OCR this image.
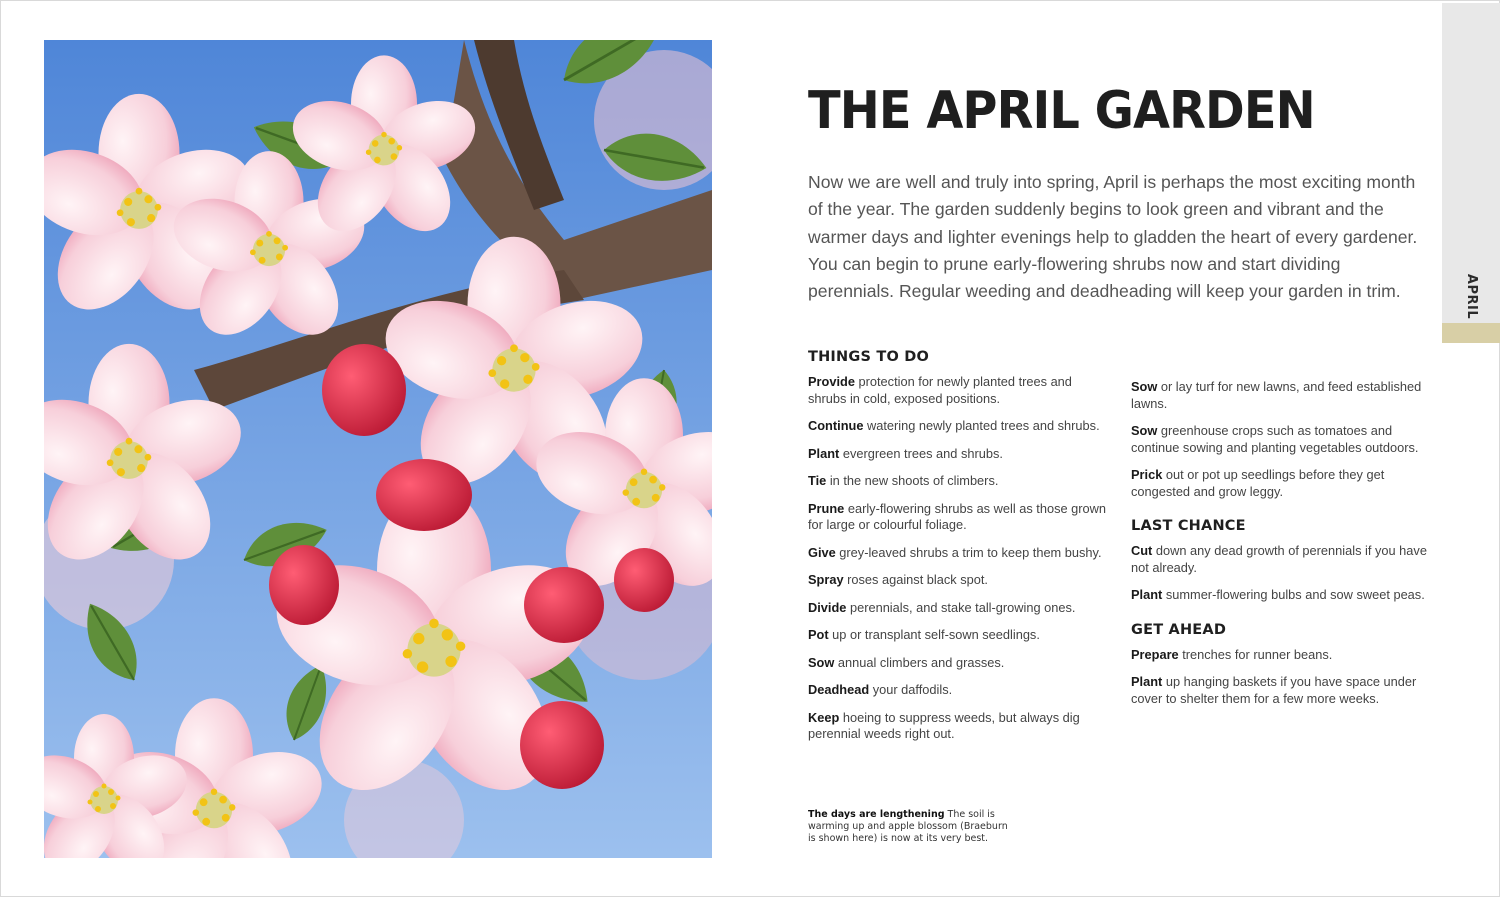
The days are lengthening The soil is warming up and apple blossom (Braeburn is shown here) is now at its very best.
THE APRIL GARDEN

Now we are well and truly into spring, April is perhaps the most exciting month of the year. The garden suddenly begins to look green and vibrant and the warmer days and lighter evenings help to gladden the heart of every gardener. You can begin to prune early-flowering shrubs now and start dividing perennials. Regular weeding and deadheading will keep your garden in trim.

THINGS TO DO
Provide protection for newly planted trees and shrubs in cold, exposed positions.
Continue watering newly planted trees and shrubs.
Plant evergreen trees and shrubs.
Tie in the new shoots of climbers.
Prune early-flowering shrubs as well as those grown for large or colourful foliage.
Give grey-leaved shrubs a trim to keep them bushy.
Spray roses against black spot.
Divide perennials, and stake tall-growing ones.
Pot up or transplant self-sown seedlings.
Sow annual climbers and grasses.
Deadhead your daffodils.
Keep hoeing to suppress weeds, but always dig perennial weeds right out.
Sow or lay turf for new lawns, and feed established lawns.
Sow greenhouse crops such as tomatoes and continue sowing and planting vegetables outdoors.
Prick out or pot up seedlings before they get congested and grow leggy.
LAST CHANCE
Cut down any dead growth of perennials if you have not already.
Plant summer-flowering bulbs and sow sweet peas.
GET AHEAD
Prepare trenches for runner beans.
Plant up hanging baskets if you have space under cover to shelter them for a few more weeks.
APRIL
